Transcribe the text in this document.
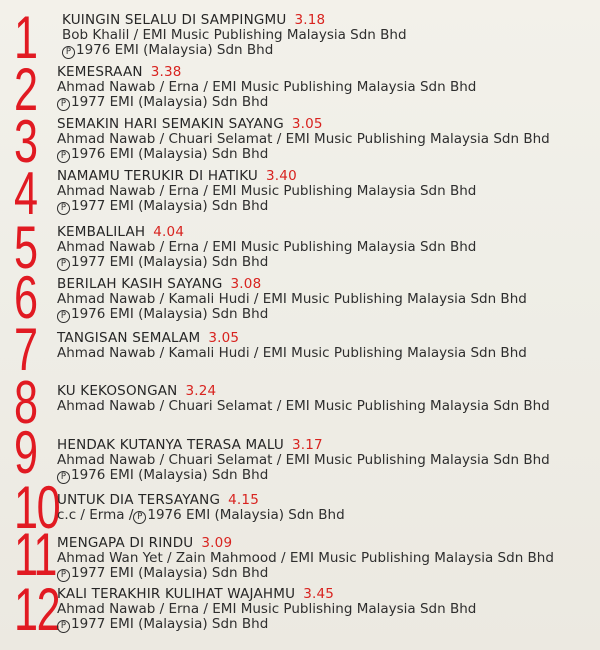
1 KUINGIN SELALU DI SAMPINGMU 3.18
Bob Khalil / EMI Music Publishing Malaysia Sdn Bhd
P 1976 EMI (Malaysia) Sdn Bhd
2 KEMESRAAN 3.38
Ahmad Nawab / Erna / EMI Music Publishing Malaysia Sdn Bhd
P 1977 EMI (Malaysia) Sdn Bhd
3 SEMAKIN HARI SEMAKIN SAYANG 3.05
Ahmad Nawab / Chuari Selamat / EMI Music Publishing Malaysia Sdn Bhd
P 1976 EMI (Malaysia) Sdn Bhd
4 NAMAMU TERUKIR DI HATIKU 3.40
Ahmad Nawab / Erna / EMI Music Publishing Malaysia Sdn Bhd
P 1977 EMI (Malaysia) Sdn Bhd
5 KEMBALILAH 4.04
Ahmad Nawab / Erna / EMI Music Publishing Malaysia Sdn Bhd
P 1977 EMI (Malaysia) Sdn Bhd
6 BERILAH KASIH SAYANG 3.08
Ahmad Nawab / Kamali Hudi / EMI Music Publishing Malaysia Sdn Bhd
P 1976 EMI (Malaysia) Sdn Bhd
7 TANGISAN SEMALAM 3.05
Ahmad Nawab / Kamali Hudi / EMI Music Publishing Malaysia Sdn Bhd
8 KU KEKOSONGAN 3.24
Ahmad Nawab / Chuari Selamat / EMI Music Publishing Malaysia Sdn Bhd
9 HENDAK KUTANYA TERASA MALU 3.17
Ahmad Nawab / Chuari Selamat / EMI Music Publishing Malaysia Sdn Bhd
P 1976 EMI (Malaysia) Sdn Bhd
10
UNTUK DIA TERSAYANG 4.15
c.c / Erma / P 1976 EMI (Malaysia) Sdn Bhd
11 MENGAPA DI RINDU 3.09
Ahmad Wan Yet / Zain Mahmood / EMI Music Publishing Malaysia Sdn Bhd
P 1977 EMI (Malaysia) Sdn Bhd
12
KALI TERAKHIR KULIHAT WAJAHMU 3.45
Ahmad Nawab / Erna / EMI Music Publishing Malaysia Sdn Bhd
P 1977 EMI (Malaysia) Sdn Bhd
